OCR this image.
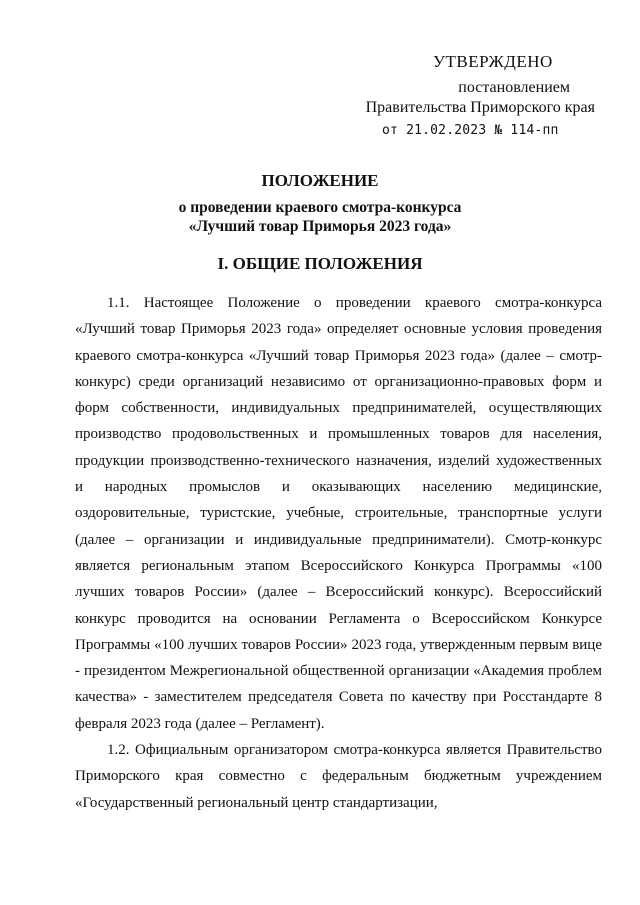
УТВЕРЖДЕНО
постановлением
Правительства Приморского края
от 21.02.2023 № 114-пп
ПОЛОЖЕНИЕ
о проведении краевого смотра-конкурса
«Лучший товар Приморья 2023 года»
I. ОБЩИЕ ПОЛОЖЕНИЯ

1.1. Настоящее Положение о проведении краевого смотра-конкурса «Лучший товар Приморья 2023 года» определяет основные условия проведения краевого смотра-конкурса «Лучший товар Приморья 2023 года» (далее – смотр-конкурс) среди организаций независимо от организационно-правовых форм и форм собственности, индивидуальных предпринимателей, осуществляющих производство продовольственных и промышленных товаров для населения, продукции производственно-технического назначения, изделий художественных и народных промыслов и оказывающих населению медицинские, оздоровительные, туристские, учебные, строительные, транспортные услуги (далее – организации и индивидуальные предприниматели). Смотр-конкурс является региональным этапом Всероссийского Конкурса Программы «100 лучших товаров России» (далее – Всероссийский конкурс). Всероссийский конкурс проводится на основании Регламента о Всероссийском Конкурсе Программы «100 лучших товаров России» 2023 года, утвержденным первым вице - президентом Межрегиональной общественной организации «Академия проблем качества» - заместителем председателя Совета по качеству при Росстандарте 8 февраля 2023 года (далее – Регламент).

1.2. Официальным организатором смотра-конкурса является Правительство Приморского края совместно с федеральным бюджетным учреждением «Государственный региональный центр стандартизации,
